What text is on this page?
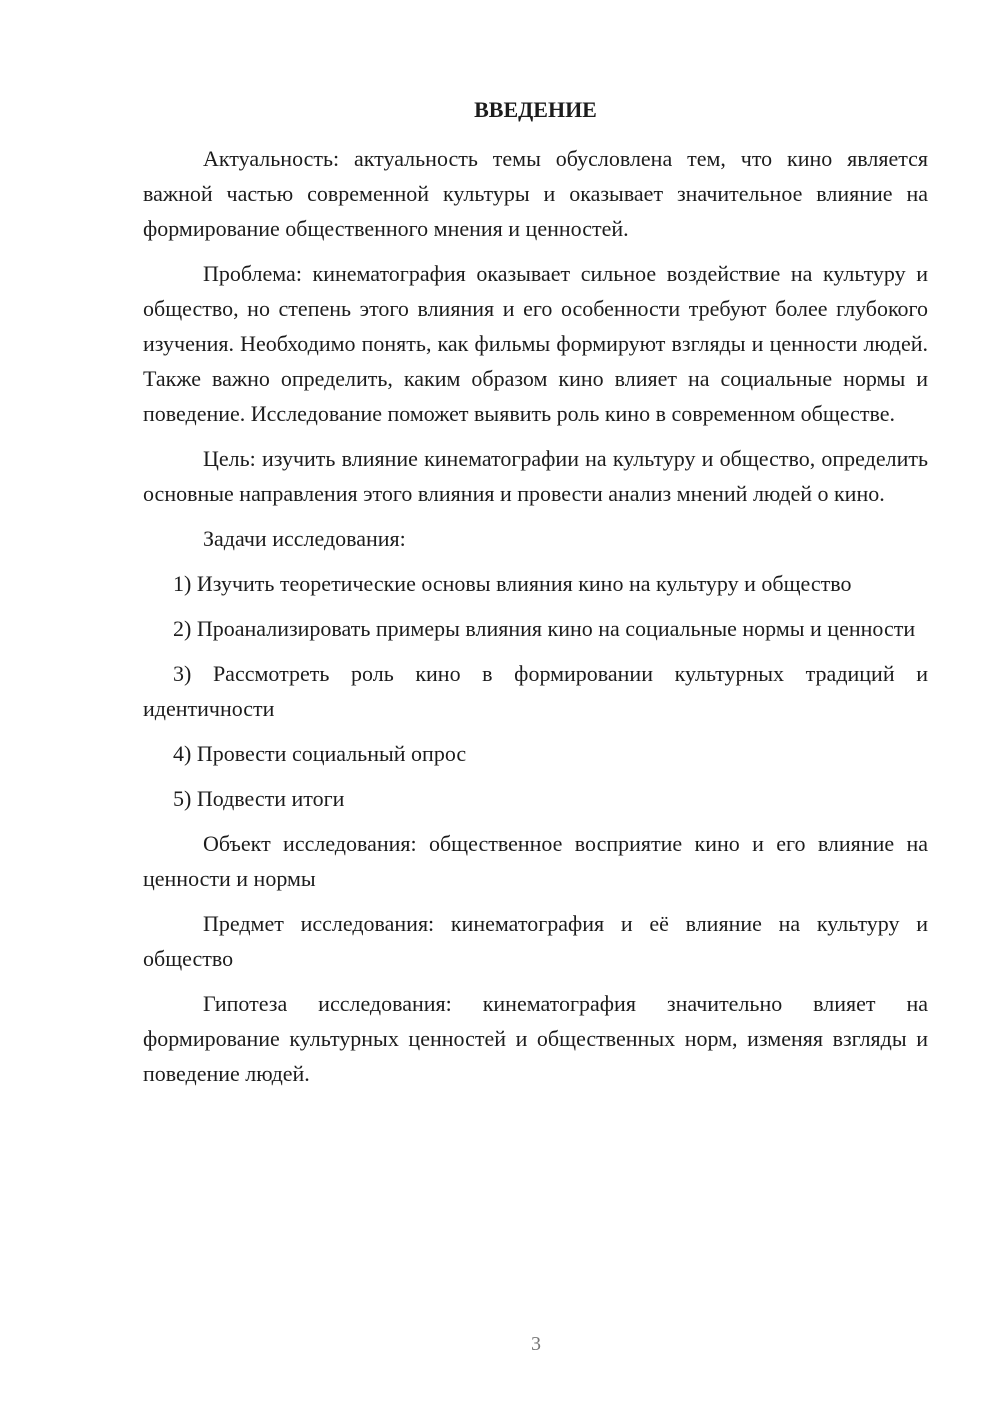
ВВЕДЕНИЕ

Актуальность: актуальность темы обусловлена тем, что кино является важной частью современной культуры и оказывает значительное влияние на формирование общественного мнения и ценностей.

Проблема: кинематография оказывает сильное воздействие на культуру и общество, но степень этого влияния и его особенности требуют более глубокого изучения. Необходимо понять, как фильмы формируют взгляды и ценности людей. Также важно определить, каким образом кино влияет на социальные нормы и поведение. Исследование поможет выявить роль кино в современном обществе.

Цель: изучить влияние кинематографии на культуру и общество, определить основные направления этого влияния и провести анализ мнений людей о кино.

Задачи исследования:

1) Изучить теоретические основы влияния кино на культуру и общество

2) Проанализировать примеры влияния кино на социальные нормы и ценности

3) Рассмотреть роль кино в формировании культурных традиций и идентичности

4) Провести социальный опрос

5) Подвести итоги

Объект исследования: общественное восприятие кино и его влияние на ценности и нормы

Предмет исследования: кинематография и её влияние на культуру и общество

Гипотеза исследования: кинематография значительно влияет на формирование культурных ценностей и общественных норм, изменяя взгляды и поведение людей.

3
